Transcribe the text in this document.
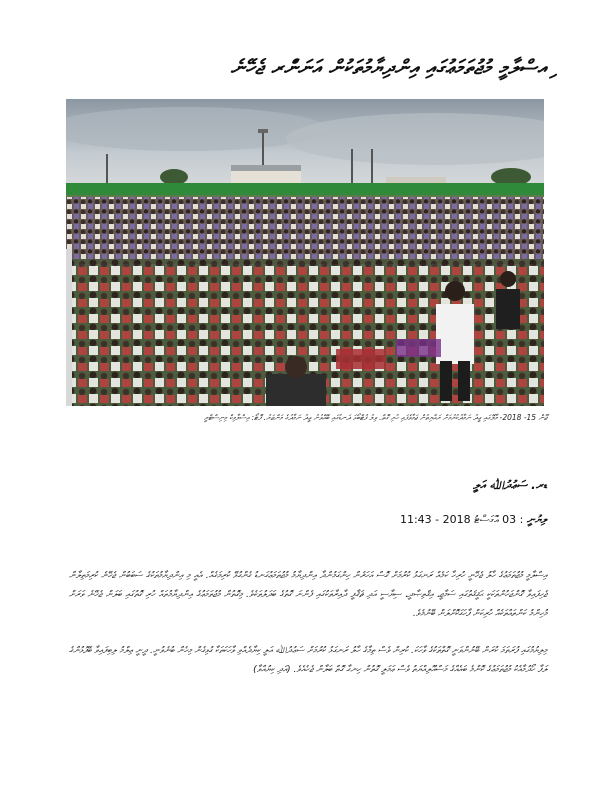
ިއސްލާމީ މުޖުތަމަޢުގައި އިންދިޔާމުތަކުން އަނަންަރ ޖެހޭނެ
ޖޫން 15- 2018- މާލޭގައި ޢީދު ނަމާދުކުރުމަށް ރައްޔިތުން ޖަމާވެފައި ހުރި ގޮތް. ވިލު ފުޓްބޯޅަ ދަނޑުގައި ބޭއްވުނު ޢީދު ނަމާދުގެ މަންޒަރު. ފޮޓޯ: އިސްލާމިކް މިނިސްޓްރީ
ޑރ. ސަޢުދުﷲ އަލީ
ލިޔުނީ : 03 އޮގަސްޓު 2018 - 11:43
އިސްލާމީ މުޖުތަމަޢުގެ ހާލު ޖެހޭނީ ހުރިހާ ކަމެއް ރަނގަޅު ކުރުމަށް ގޮސް އަހަރެން ހިންގަމުންދާ އިންދިޔާމު މުޖުތަމަޢުގަނޑު ގެންގުޅޭ ކުރިމަގެއް. އެއީ މި އިންދިޔާމުތަކުގެ ސަބަބުން ޖެހޭނެ ކުރިމަތިލާން ޖެހިފައިވާ ގޮންޖަހުންތަކަކީ ޙަޤީޤަތުގައި ސަމާޖީ، އިޤްތިޞާދީ، ސިޔާސީ އަދި ޘަޤާފީ ދާއިރާތަކުގައި ފެންނަ ގޮތުގެ ބަދަލުތަކެވެ. މިގޮތުން މުޖުތަމަޢުގެ އިންދިޔާމުތައް ހުރި ގޮތުގައި ބަލަން ޖެހޭނެ ވަރަށް މުހިންމު ކަންތައްތަކެއް ހުރިކަން ފާހަގަކޮށްލަން ބޭނުމެވެ.
މިލިޔުމުގައި ފުރަތަމަ ކުރަން ބޭނުންވަނީ ގޮތްތަކުގެ ވާހަކަ. ކުރިން ވެސް ތިމާގެ ހާލު ރަނގަޅު ކުރުމަށް ސަޢުދުﷲ އަލީ ކިޔާދެއްވި ވާހަކަތަކާ ގުޅިގެން މިހެން ބުނެވުނީ. ދީނީ ޢިލްމު ލިބިފައިވާ ބޭފުޅުންގެ ލަފާ ހޯދުމާއެކު މުޖުތަމަޢުގެ ކޮންމެ ބައެއްގެ މަސްއޫލިއްޔަތު ވެސް ޢަމަލީ ގޮތުން ހިނގާ ގޮތް ބަލާން ޖެހެއެވެ. (އަދި ކިޔުއްވާ)
